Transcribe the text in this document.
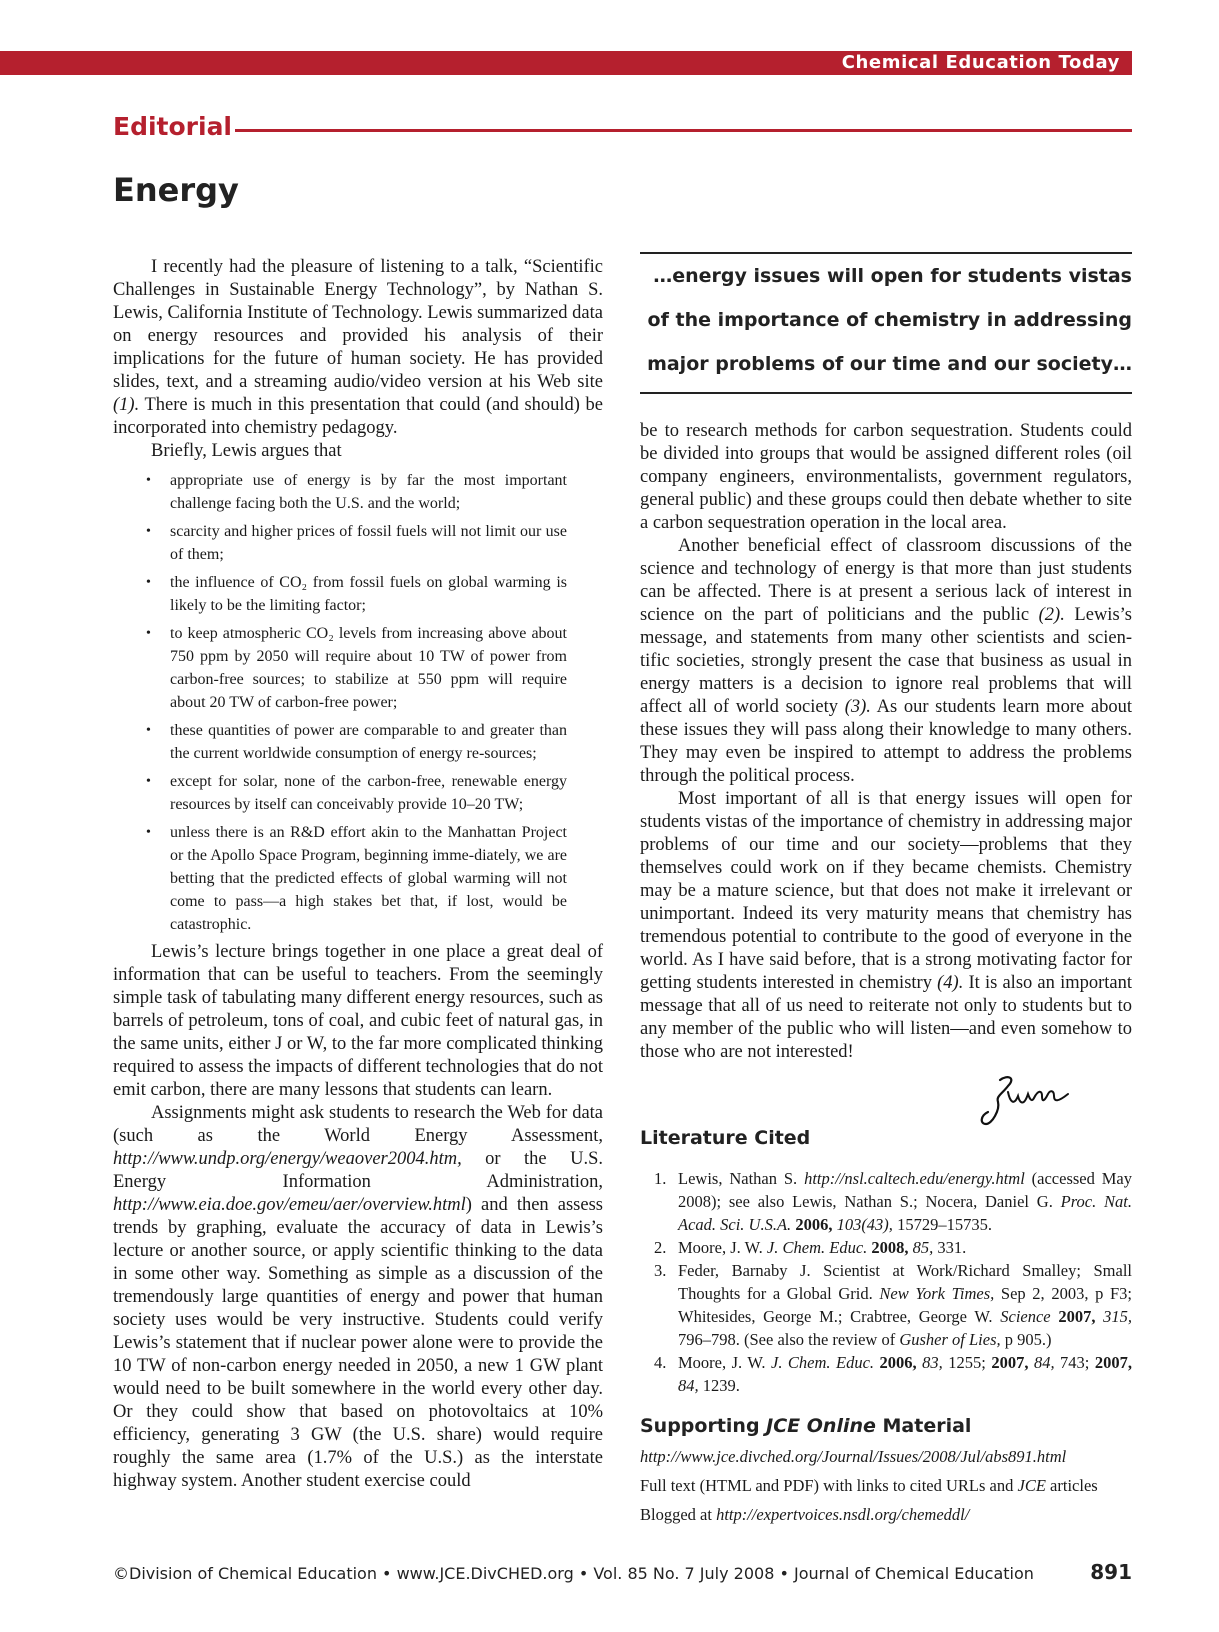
Chemical Education Today
Editorial
Energy

I recently had the pleasure of listening to a talk, “Scientific Challenges in Sustainable Energy Technology”, by Nathan S. Lewis, California Institute of Technology. Lewis summarized data on energy resources and provided his analysis of their implications for the future of human society. He has provided slides, text, and a streaming audio/video version at his Web site (1). There is much in this presentation that could (and should) be incorporated into chemistry pedagogy.

Briefly, Lewis argues that

• appropriate use of energy is by far the most important challenge facing both the U.S. and the world;
• scarcity and higher prices of fossil fuels will not limit our use of them;
• the influence of CO₂ from fossil fuels on global warming is likely to be the limiting factor;
• to keep atmospheric CO₂ levels from increasing above about 750 ppm by 2050 will require about 10 TW of power from carbon-free sources; to stabilize at 550 ppm will require about 20 TW of carbon-free power;
• these quantities of power are comparable to and greater than the current worldwide consumption of energy re-sources;
• except for solar, none of the carbon-free, renewable energy resources by itself can conceivably provide 10–20 TW;
• unless there is an R&D effort akin to the Manhattan Project or the Apollo Space Program, beginning imme-diately, we are betting that the predicted effects of global warming will not come to pass—a high stakes bet that, if lost, would be catastrophic.

Lewis’s lecture brings together in one place a great deal of information that can be useful to teachers. From the seemingly simple task of tabulating many different energy resources, such as barrels of petroleum, tons of coal, and cubic feet of natural gas, in the same units, either J or W, to the far more complicated thinking required to assess the impacts of different technologies that do not emit carbon, there are many lessons that students can learn.

Assignments might ask students to research the Web for data (such as the World Energy Assessment, http://www.undp.org/energy/weaover2004.htm, or the U.S. Energy Information Administration, http://www.eia.doe.gov/emeu/aer/overview.html) and then assess trends by graphing, evaluate the accuracy of data in Lewis’s lecture or another source, or apply scientific thinking to the data in some other way. Something as simple as a discussion of the tremendously large quantities of energy and power that human society uses would be very instructive. Students could verify Lewis’s statement that if nuclear power alone were to provide the 10 TW of non-carbon energy needed in 2050, a new 1 GW plant would need to be built somewhere in the world every other day. Or they could show that based on photovoltaics at 10% efficiency, generating 3 GW (the U.S. share) would require roughly the same area (1.7% of the U.S.) as the interstate highway system. Another student exercise could

…energy issues will open for students vistas
of the importance of chemistry in addressing
major problems of our time and our society…

be to research methods for carbon sequestration. Students could be divided into groups that would be assigned different roles (oil company engineers, environmentalists, government regulators, general public) and these groups could then debate whether to site a carbon sequestration operation in the local area.

Another beneficial effect of classroom discussions of the science and technology of energy is that more than just students can be affected. There is at present a serious lack of interest in science on the part of politicians and the public (2). Lewis’s message, and statements from many other scientists and scien-tific societies, strongly present the case that business as usual in energy matters is a decision to ignore real problems that will affect all of world society (3). As our students learn more about these issues they will pass along their knowledge to many others. They may even be inspired to attempt to address the problems through the political process.

Most important of all is that energy issues will open for students vistas of the importance of chemistry in addressing major problems of our time and our society—problems that they themselves could work on if they became chemists. Chemistry may be a mature science, but that does not make it irrelevant or unimportant. Indeed its very maturity means that chemistry has tremendous potential to contribute to the good of everyone in the world. As I have said before, that is a strong motivating factor for getting students interested in chemistry (4). It is also an important message that all of us need to reiterate not only to students but to any member of the public who will listen—and even somehow to those who are not interested!

Literature Cited
1. Lewis, Nathan S. http://nsl.caltech.edu/energy.html (accessed May 2008); see also Lewis, Nathan S.; Nocera, Daniel G. Proc. Nat. Acad. Sci. U.S.A. 2006, 103(43), 15729–15735.
2. Moore, J. W. J. Chem. Educ. 2008, 85, 331.
3. Feder, Barnaby J. Scientist at Work/Richard Smalley; Small Thoughts for a Global Grid. New York Times, Sep 2, 2003, p F3; Whitesides, George M.; Crabtree, George W. Science 2007, 315, 796–798. (See also the review of Gusher of Lies, p 905.)
4. Moore, J. W. J. Chem. Educ. 2006, 83, 1255; 2007, 84, 743; 2007, 84, 1239.
Supporting JCE Online Material
http://www.jce.divched.org/Journal/Issues/2008/Jul/abs891.html
Full text (HTML and PDF) with links to cited URLs and JCE articles
Blogged at http://expertvoices.nsdl.org/chemeddl/
©Division of Chemical Education • www.JCE.DivCHED.org • Vol. 85 No. 7 July 2008 • Journal of Chemical Education	891
